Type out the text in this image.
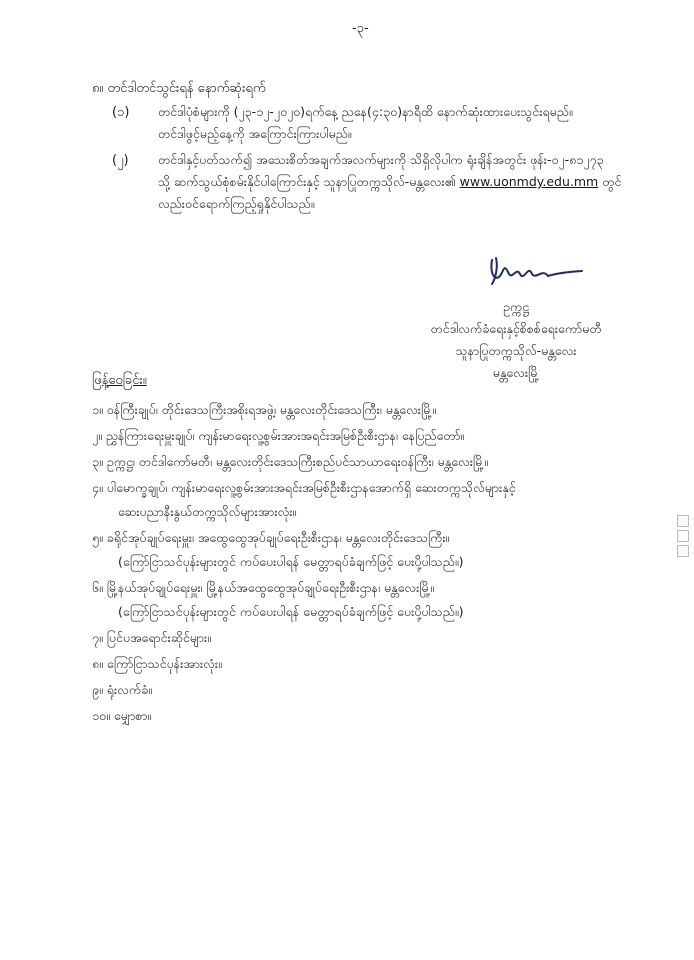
-၃-
၈။ တင်ဒါတင်သွင်းရန် နောက်ဆုံးရက်
(၁) တင်ဒါပုံစံများကို (၂၃-၁၂-၂၀၂၀)ရက်နေ့ ညနေ(၄:၃၀)နာရီထိ နောက်ဆုံးထားပေးသွင်းရမည်။
တင်ဒါဖွင့်မည့်နေ့ကို အကြောင်းကြားပါမည်။
(၂) တင်ဒါနှင့်ပတ်သက်၍ အသေးစိတ်အချက်အလက်များကို သိရှိလိုပါက ရုံးချိန်အတွင်း ဖုန်း-၀၂-၈၁၂၇၃
သို့ ဆက်သွယ်စုံစမ်းနိုင်ပါကြောင်းနှင့် သူနာပြုတက္ကသိုလ်-မန္တလေး၏ www.uonmdy.edu.mm တွင်
လည်းဝင်ရောက်ကြည့်ရှုနိုင်ပါသည်။
ဥက္ကဋ္ဌ
တင်ဒါလက်ခံရေးနှင့်စိစစ်ရေးကော်မတီ
သူနာပြုတက္ကသိုလ်-မန္တလေး
မန္တလေးမြို့
ဖြန့်ဝေခြင်း။
၁။ ဝန်ကြီးချုပ်၊ တိုင်းဒေသကြီးအစိုးရအဖွဲ့၊ မန္တလေးတိုင်းဒေသကြီး၊ မန္တလေးမြို့။
၂။ ညွှန်ကြားရေးမှူးချုပ်၊ ကျန်းမာရေးလူ့စွမ်းအားအရင်းအမြစ်ဦးစီးဌာန၊ နေပြည်တော်။
၃။ ဥက္ကဋ္ဌ၊ တင်ဒါကော်မတီ၊ မန္တလေးတိုင်းဒေသကြီးစည်ပင်သာယာရေးဝန်ကြီး၊ မန္တလေးမြို့။
၄။ ပါမောက္ခချုပ်၊ ကျန်းမာရေးလူ့စွမ်းအားအရင်းအမြစ်ဦးစီးဌာနအောက်ရှိ ဆေးတက္ကသိုလ်များနှင့်
ဆေးပညာနီးနွယ်တက္ကသိုလ်များအားလုံး။
၅။ ခရိုင်အုပ်ချုပ်ရေးမှူး၊ အထွေထွေအုပ်ချုပ်ရေးဦးစီးဌာန၊ မန္တလေးတိုင်းဒေသကြီး။
(ကြော်ငြာသင်ပုန်းများတွင် ကပ်ပေးပါရန် မေတ္တာရပ်ခံချက်ဖြင့် ပေးပို့ပါသည်။)
၆။ မြို့နယ်အုပ်ချုပ်ရေးမှူး၊ မြို့နယ်အထွေထွေအုပ်ချုပ်ရေးဦးစီးဌာန၊ မန္တလေးမြို့။
(ကြော်ငြာသင်ပုန်းများတွင် ကပ်ပေးပါရန် မေတ္တာရပ်ခံချက်ဖြင့် ပေးပို့ပါသည်။)
၇။ ပြင်ပအရောင်းဆိုင်များ။
၈။ ကြော်ငြာသင်ပုန်းအားလုံး။
၉။ ရုံးလက်ခံ။
၁၀။ မျှောစာ။
